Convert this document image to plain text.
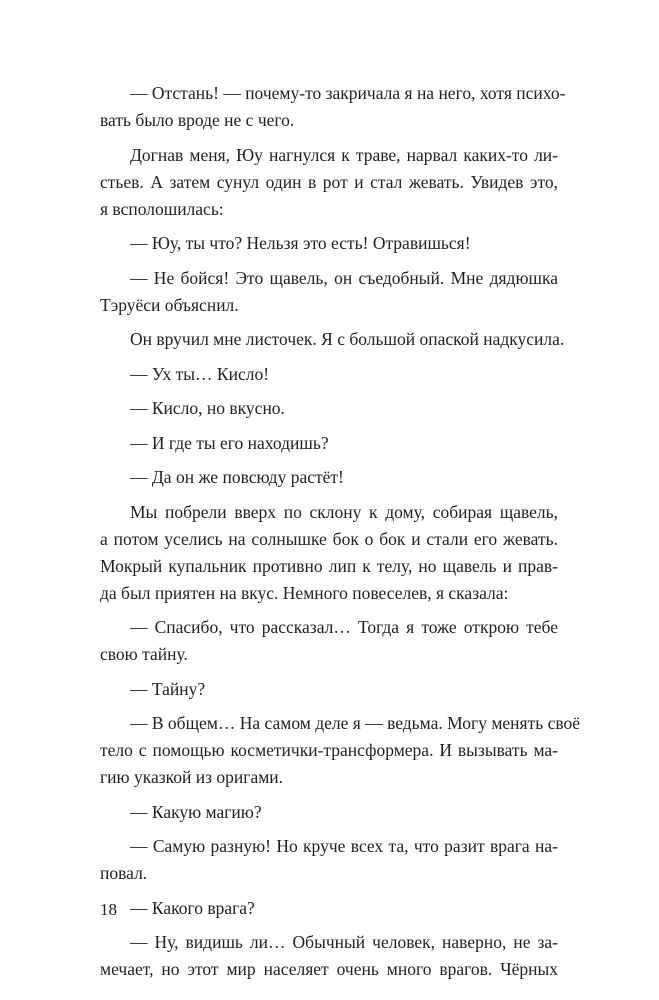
— Отстань! — почему-то закричала я на него, хотя психо-
вать было вроде не с чего.

Догнав меня, Юу нагнулся к траве, нарвал каких-то ли-
стьев. А затем сунул один в рот и стал жевать. Увидев это,
я всполошилась:

— Юу, ты что? Нельзя это есть! Отравишься!

— Не бойся! Это щавель, он съедобный. Мне дядюшка
Тэруёси объяснил.

Он вручил мне листочек. Я с большой опаской надкусила.

— Ух ты… Кисло!

— Кисло, но вкусно.

— И где ты его находишь?

— Да он же повсюду растёт!

Мы побрели вверх по склону к дому, собирая щавель,
а потом уселись на солнышке бок о бок и стали его жевать.
Мокрый купальник противно лип к телу, но щавель и прав-
да был приятен на вкус. Немного повеселев, я сказала:

— Спасибо, что рассказал… Тогда я тоже открою тебе
свою тайну.

— Тайну?

— В общем… На самом деле я — ведьма. Могу менять своё
тело с помощью косметички-трансформера. И вызывать ма-
гию указкой из оригами.

— Какую магию?

— Самую разную! Но круче всех та, что разит врага на-
повал.

— Какого врага?

— Ну, видишь ли… Обычный человек, наверно, не за-
мечает, но этот мир населяет очень много врагов. Чёрных

18
